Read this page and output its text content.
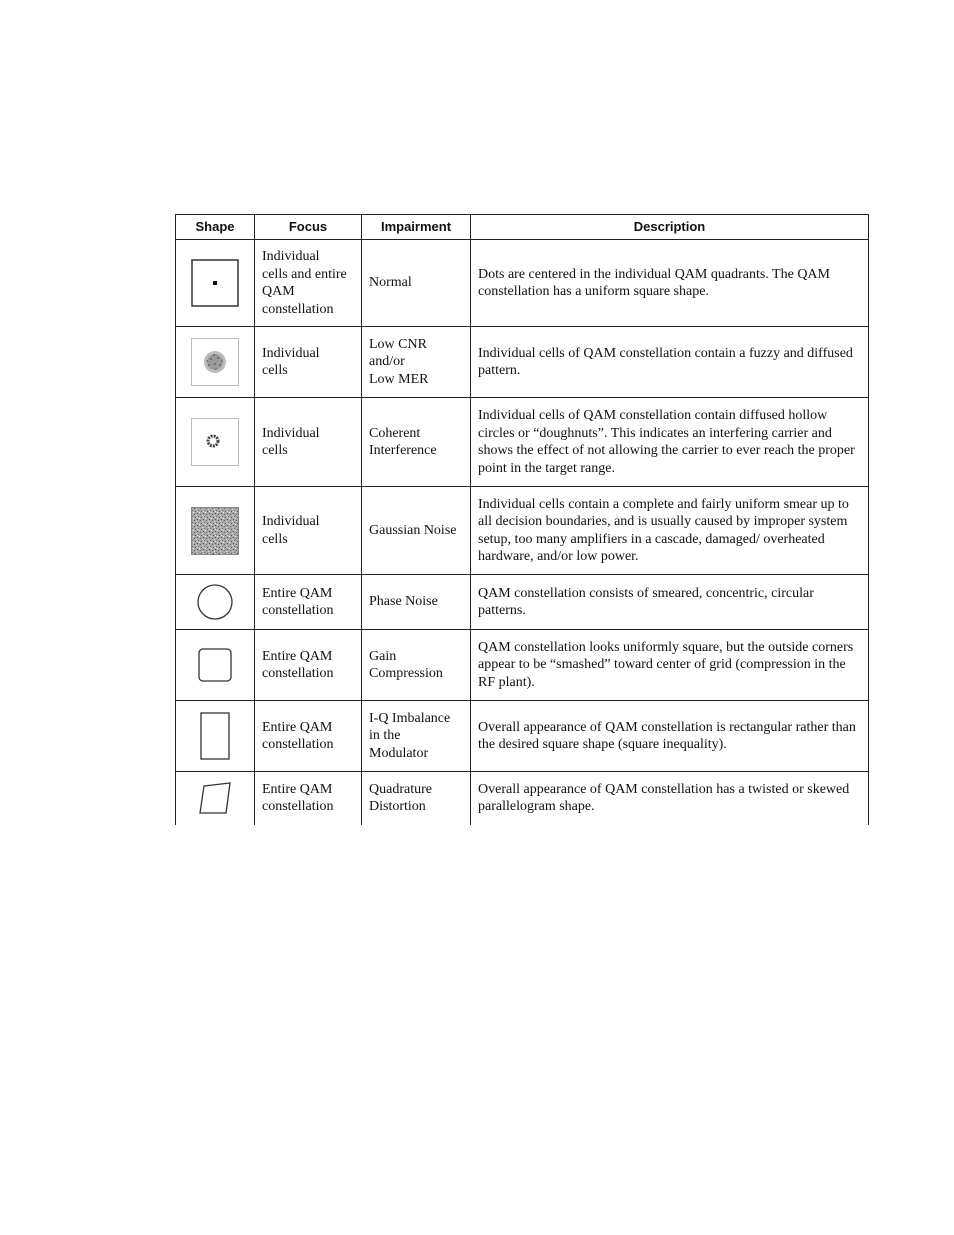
Shape	Focus	Impairment	Description

	Individual
cells and entire
QAM
constellation	Normal	Dots are centered in the individual QAM quadrants. The QAM constellation has a uniform square shape.

	Individual
cells	Low CNR
and/or
Low MER	Individual cells of QAM constellation contain a fuzzy and diffused pattern.

	Individual
cells	Coherent
Interference	Individual cells of QAM constellation contain diffused hollow circles or “doughnuts”. This indicates an interfering carrier and shows the effect of not allowing the carrier to ever reach the proper point in the target range.

	Individual
cells	Gaussian Noise	Individual cells contain a complete and fairly uniform smear up to all decision boundaries, and is usually caused by improper system setup, too many amplifiers in a cascade, damaged/ overheated hardware, and/or low power.

	Entire QAM
constellation	Phase Noise	QAM constellation consists of smeared, concentric, circular patterns.

	Entire QAM
constellation	Gain
Compression	QAM constellation looks uniformly square, but the outside corners appear to be “smashed” toward center of grid (compression in the RF plant).

	Entire QAM
constellation	I-Q Imbalance
in the
Modulator	Overall appearance of QAM constellation is rectangular rather than the desired square shape (square inequality).

	Entire QAM
constellation	Quadrature
Distortion	Overall appearance of QAM constellation has a twisted or skewed parallelogram shape.
